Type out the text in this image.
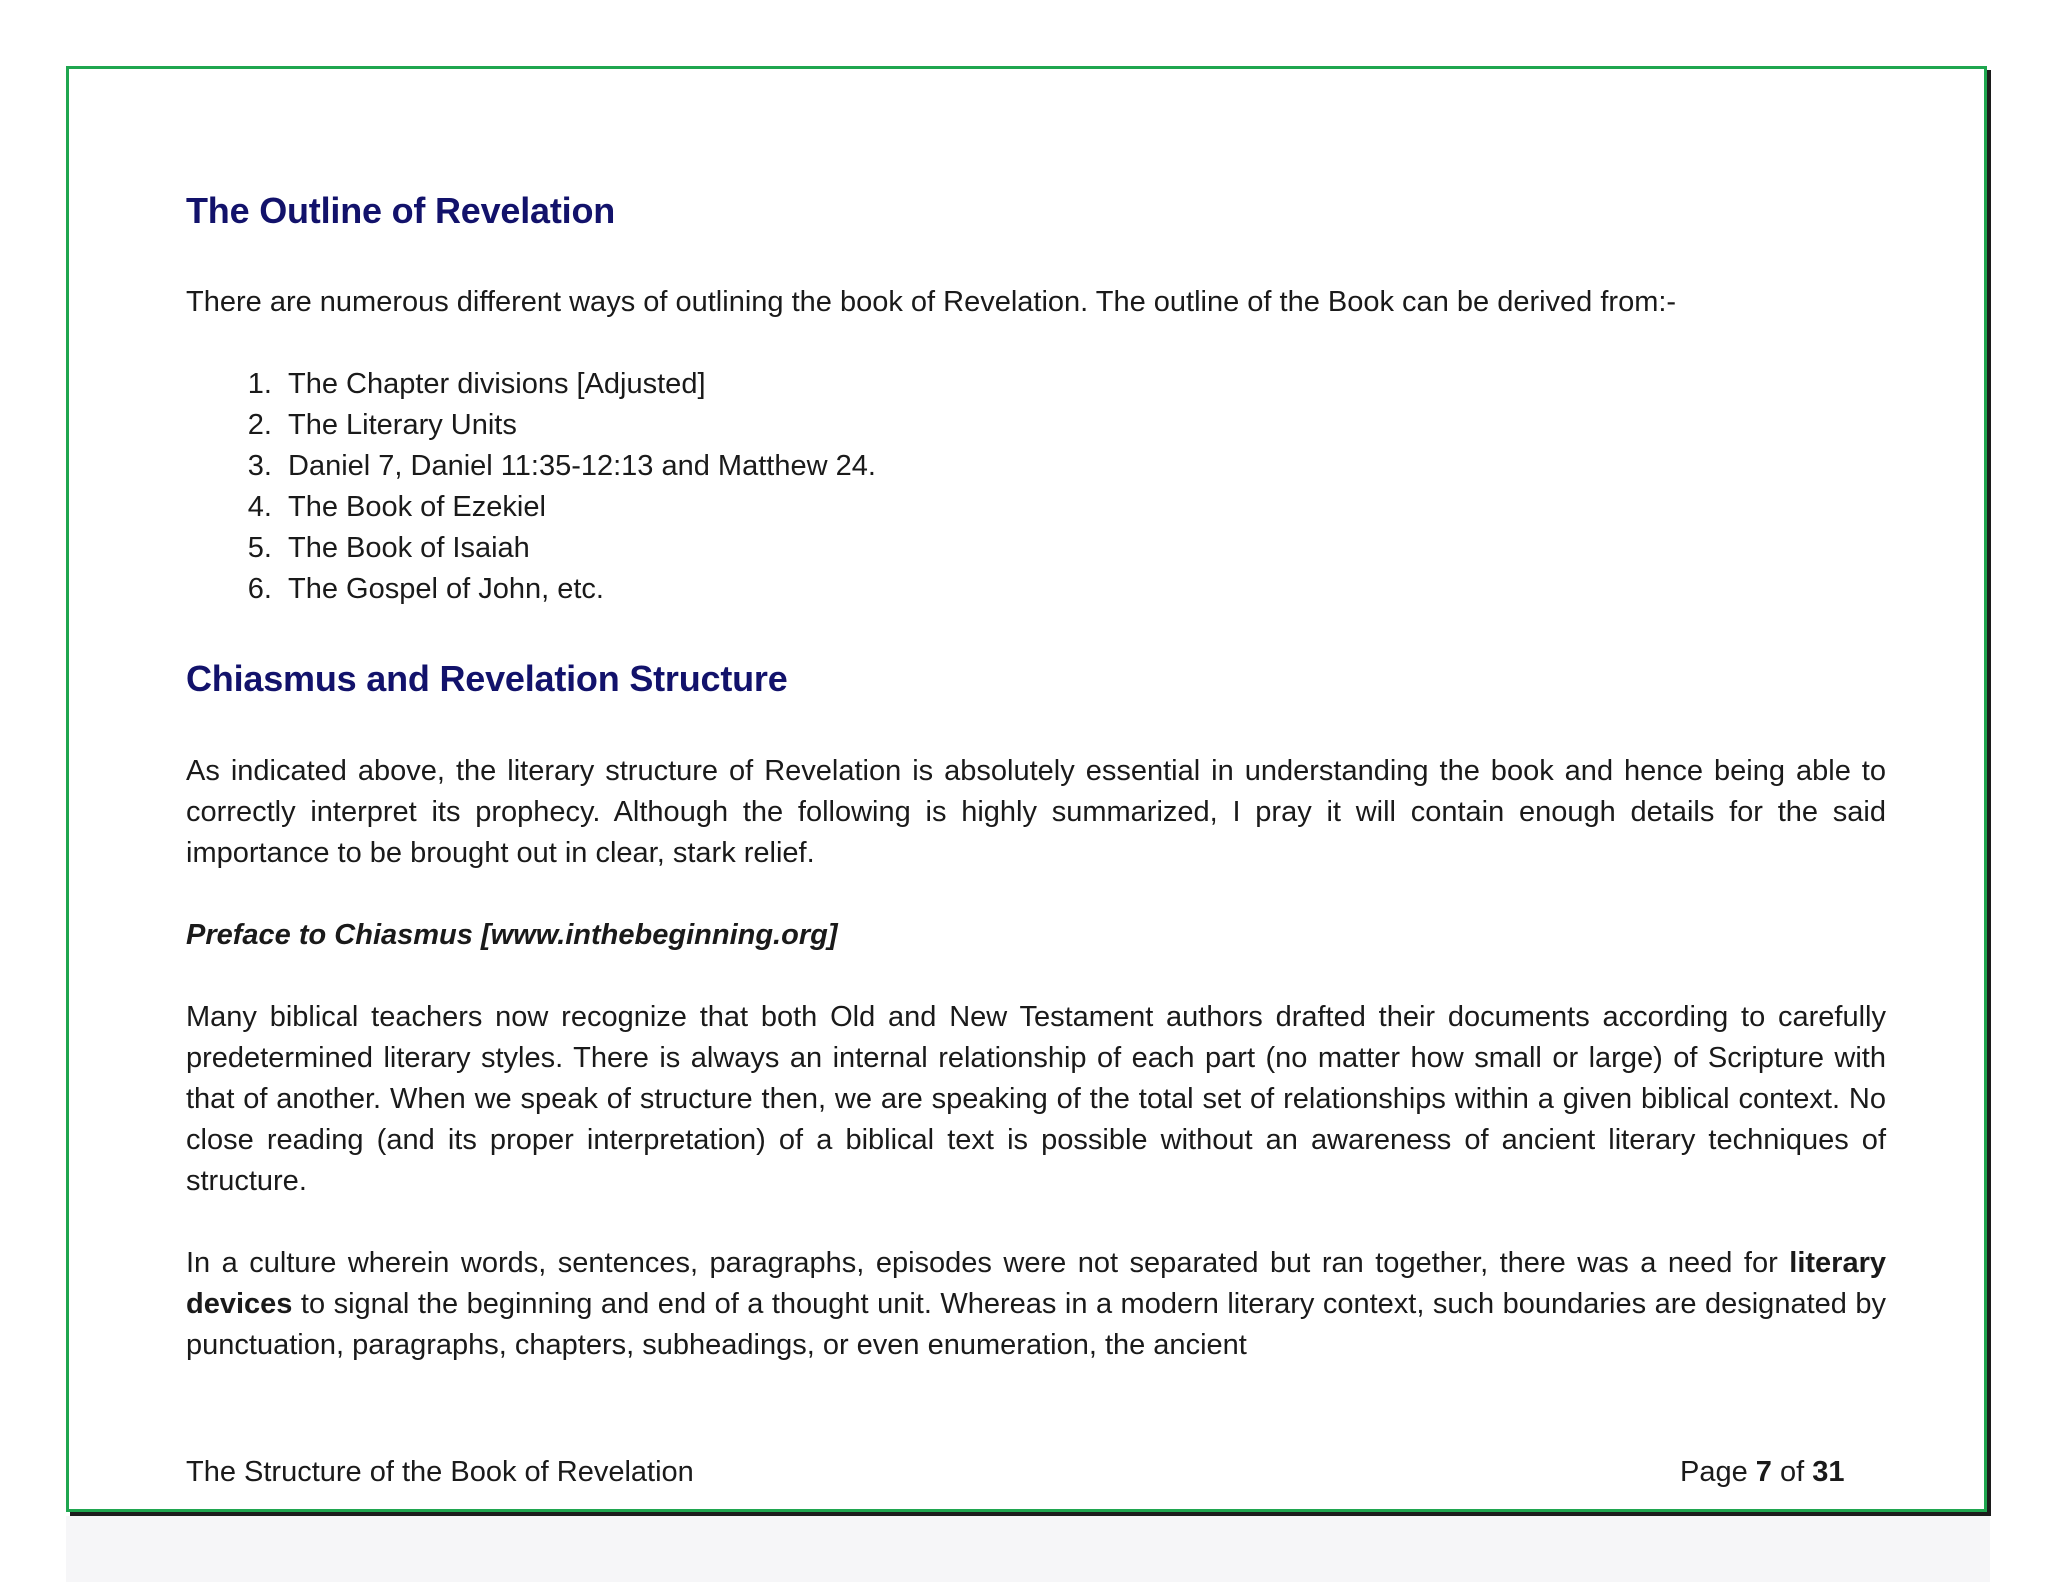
The Outline of Revelation

There are numerous different ways of outlining the book of Revelation. The outline of the Book can be derived from:-

1. The Chapter divisions [Adjusted]
2. The Literary Units
3. Daniel 7, Daniel 11:35-12:13 and Matthew 24.
4. The Book of Ezekiel
5. The Book of Isaiah
6. The Gospel of John, etc.
Chiasmus and Revelation Structure

As indicated above, the literary structure of Revelation is absolutely essential in understanding the book and hence being able to correctly interpret its prophecy. Although the following is highly summarized, I pray it will contain enough details for the said importance to be brought out in clear, stark relief.

Preface to Chiasmus [www.inthebeginning.org]

Many biblical teachers now recognize that both Old and New Testament authors drafted their documents according to carefully predetermined literary styles. There is always an internal relationship of each part (no matter how small or large) of Scripture with that of another. When we speak of structure then, we are speaking of the total set of relationships within a given biblical context. No close reading (and its proper interpretation) of a biblical text is possible without an awareness of ancient literary techniques of structure.

In a culture wherein words, sentences, paragraphs, episodes were not separated but ran together, there was a need for literary devices to signal the beginning and end of a thought unit. Whereas in a modern literary context, such boundaries are designated by punctuation, paragraphs, chapters, subheadings, or even enumeration, the ancient

The Structure of the Book of Revelation	Page 7 of 31
